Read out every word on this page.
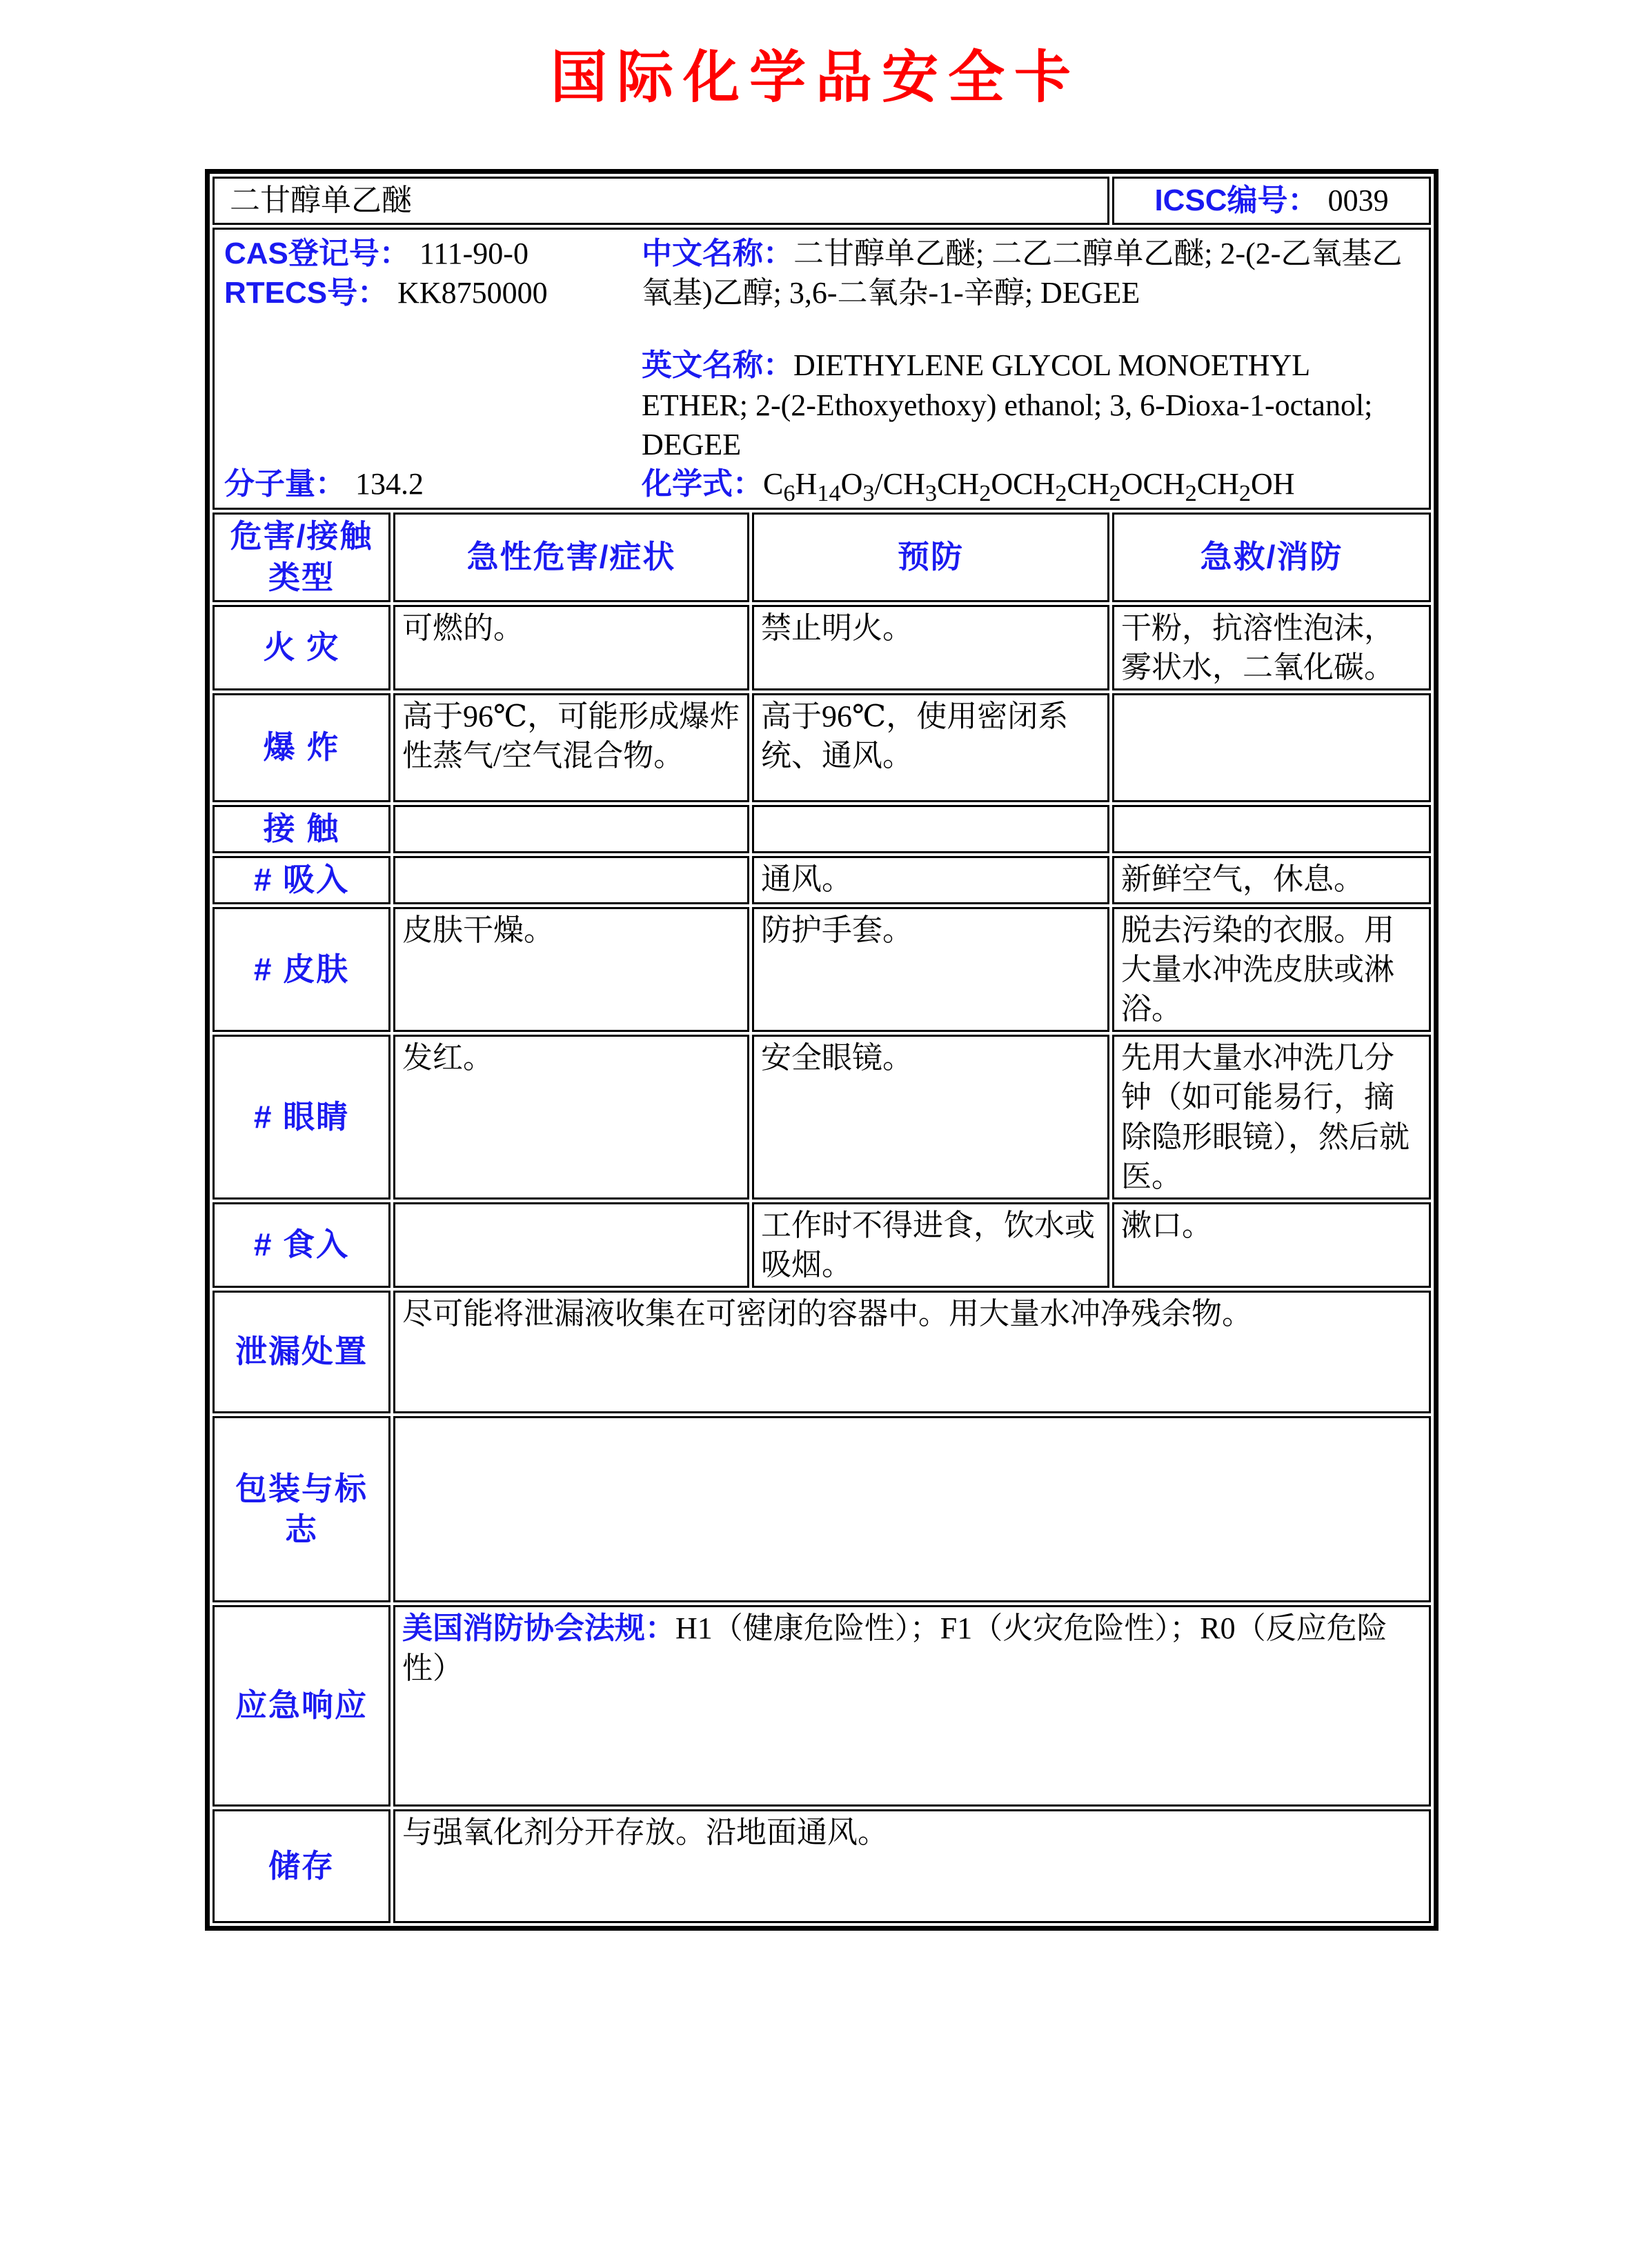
国际化学品安全卡
二甘醇单乙醚			ICSC编号： 0039

CAS登记号： 111-90-0

RTECS号： KK8750000

分子量： 134.2

中文名称：二甘醇单乙醚; 二乙二醇单乙醚; 2-(2-乙氧基乙氧基)乙醇; 3,6-二氧杂-1-辛醇; DEGEE

英文名称：DIETHYLENE GLYCOL MONOETHYL ETHER; 2-(2-Ethoxyethoxy) ethanol; 3, 6-Dioxa-1-octanol; DEGEE

化学式：$C_6H_{14}O_3/CH_3CH_2OCH_2CH_2OCH_2CH_2OH$

危害/接触类型	急性危害/症状	预防	急救/消防
火 灾	可燃的。	禁止明火。	干粉，抗溶性泡沫，雾状水，二氧化碳。
爆 炸	高于96℃，可能形成爆炸性蒸气/空气混合物。	高于96℃，使用密闭系统、通风。	
接 触			
# 吸入		通风。	新鲜空气，休息。
# 皮肤	皮肤干燥。	防护手套。	脱去污染的衣服。用大量水冲洗皮肤或淋浴。
# 眼睛	发红。	安全眼镜。	先用大量水冲洗几分钟（如可能易行，摘除隐形眼镜），然后就医。
# 食入		工作时不得进食，饮水或吸烟。	漱口。
泄漏处置	尽可能将泄漏液收集在可密闭的容器中。用大量水冲净残余物。		
包装与标志			
应急响应	美国消防协会法规：H1（健康危险性）；F1（火灾危险性）；R0（反应危险性）		
储存	与强氧化剂分开存放。沿地面通风。		
